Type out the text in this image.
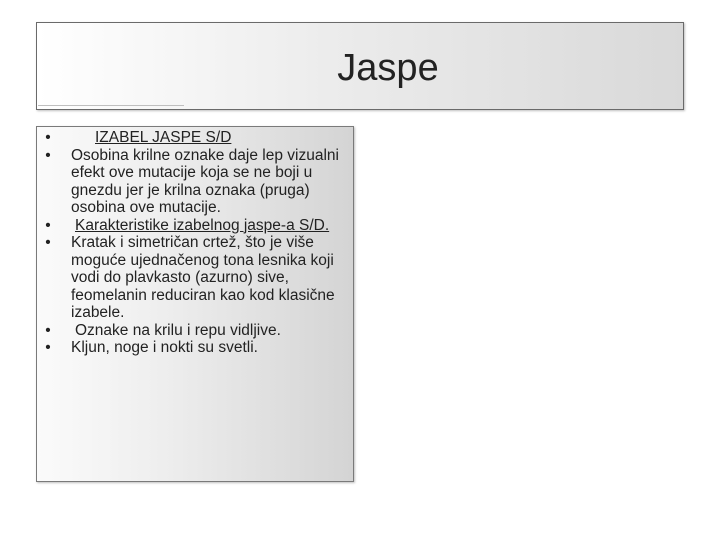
Jaspe
•	IZABEL JASPE S/D
• Osobina krilne oznake daje lep vizualni efekt ove mutacije koja se ne boji u gnezdu jer je krilna oznaka (pruga) osobina ove mutacije.
• Karakteristike izabelnog jaspe-a S/D.
• Kratak i simetričan crtež, što je više moguće ujednačenog tona lesnika koji vodi do plavkasto (azurno) sive, feomelanin reduciran kao kod klasične izabele.
• Oznake na krilu i repu vidljive.
• Kljun, noge i nokti su svetli.
